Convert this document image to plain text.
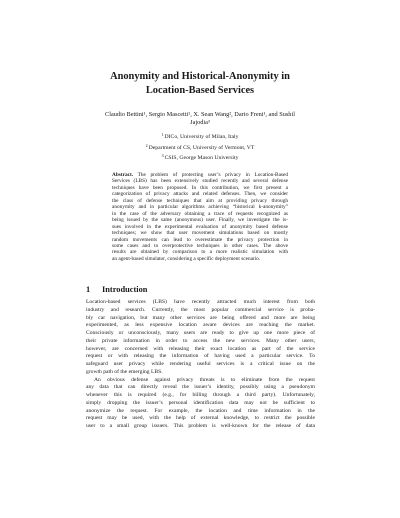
Anonymity and Historical-Anonymity in
Location-Based Services
Claudio Bettini¹, Sergio Mascetti¹, X. Sean Wang², Dario Freni¹, and Sushil
Jajodia³
$^1$DICo, University of Milan, Italy
$^2$Department of CS, University of Vermont, VT
$^3$CSIS, George Mason University
Abstract. The problem of protecting user’s privacy in Location-Based
Services (LBS) has been extensively studied recently and several defense
techniques have been proposed. In this contribution, we first present a
categorization of privacy attacks and related defenses. Then, we consider
the class of defense techniques that aim at providing privacy through
anonymity and in particular algorithms achieving “historical k-anonymity”
in the case of the adversary obtaining a trace of requests recognized as
being issued by the same (anonymous) user. Finally, we investigate the is-
sues involved in the experimental evaluation of anonymity based defense
techniques; we show that user movement simulations based on mostly
random movements can lead to overestimate the privacy protection in
some cases and to overprotective techniques in other cases. The above
results are obtained by comparison to a more realistic simulation with
an agent-based simulator, considering a specific deployment scenario.
1 Introduction
Location-based services (LBS) have recently attracted much interest from both
industry and research. Currently, the most popular commercial service is proba-
bly car navigation, but many other services are being offered and more are being
experimented, as less expensive location aware devices are reaching the market.
Consciously or unconsciously, many users are ready to give up one more piece of
their private information in order to access the new services. Many other users,
however, are concerned with releasing their exact location as part of the service
request or with releasing the information of having used a particular service. To
safeguard user privacy while rendering useful services is a critical issue on the
growth path of the emerging LBS.
An obvious defense against privacy threats is to eliminate from the request
any data that can directly reveal the issuer’s identity, possibly using a pseudonym
whenever this is required (e.g., for billing through a third party). Unfortunately,
simply dropping the issuer’s personal identification data may not be sufficient to
anonymize the request. For example, the location and time information in the
request may be used, with the help of external knowledge, to restrict the possible
user to a small group issuers. This problem is well-known for the release of data
